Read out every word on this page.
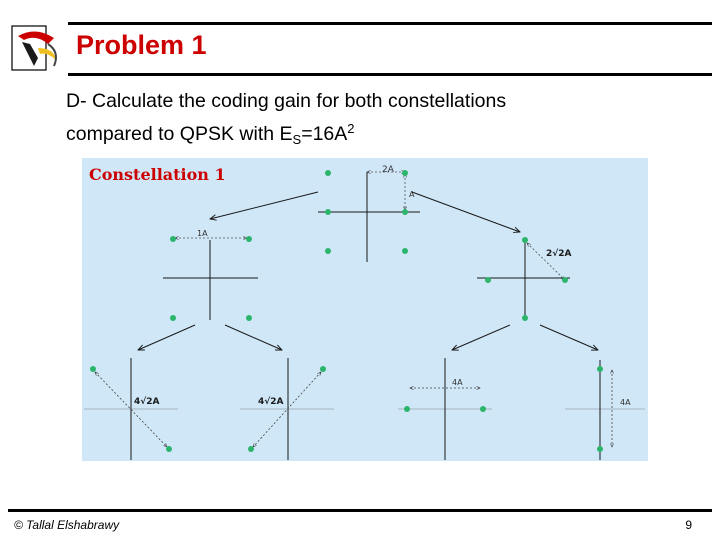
Problem 1
D- Calculate the coding gain for both constellations
compared to QPSK with $E_S=16A^2$
2A
A
1A
2√2A
4√2A	4√2A
4A
4A
Constellation 1
© Tallal Elshabrawy	9
